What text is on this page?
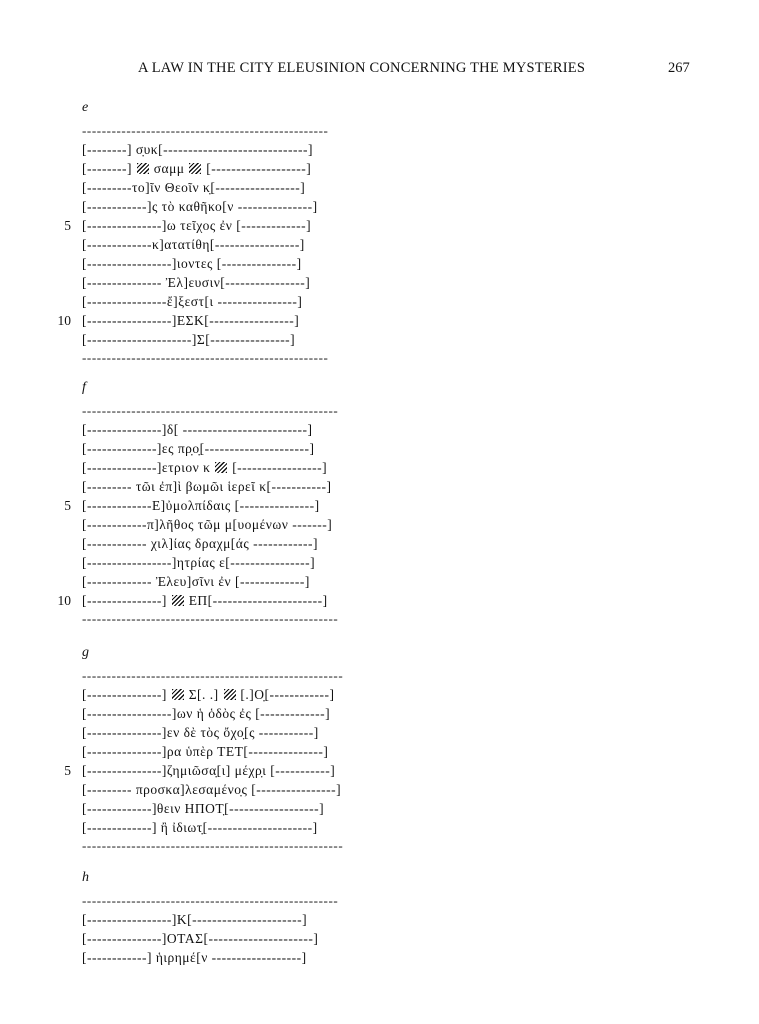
A LAW IN THE CITY ELEUSINION CONCERNING THE MYSTERIES	267
e
--------------------------------------------------
[--------] σ̣υκ[-----------------------------]
[--------]  σαμμ  [-------------------]
[---------τo]ῖν Θεοῖν κ̣[-----------------]
[------------]ς τὸ καθῆκο[ν ---------------]
5 [---------------]ω τεῖχος ἐν [-------------]
[-------------κ]ατατίθη[-----------------]
[-----------------]ιοντες [---------------]
[--------------- Ἐλ]ευσιν[----------------]
[----------------ἔ]ξεστ[ι ----------------]
10 [-----------------]ΕΣΚ[-----------------]
[---------------------]Σ[----------------]
--------------------------------------------------
f
----------------------------------------------------
[---------------]δ[ -------------------------]
[--------------]ες πρ̣ο̣[---------------------]
[--------------]ετριον κ  [-----------------]
[--------- τῶι ἐπ]ὶ βωμῶι ἱερεῖ κ[-----------]
5 [-------------Ε]ὐμολπίδαις [---------------]
[------------π]λῆθος τῶμ μ[υομένων -------]
[------------ χιλ]ίας δραχμ[άς ------------]
[-----------------]ητρίας ε[----------------]
[------------- Ἐλευ]σῖνι ἐν [-------------]
10 [---------------]  ΕΠ[----------------------]
----------------------------------------------------
g
-----------------------------------------------------
[---------------]  Σ[. .]  [.]Ο̣[------------]
[-----------------]ων ἡ ὁδὸς ἐς [-------------]
[---------------]εν δὲ τὸς ὄχο̣[ς -----------]
[---------------]ρα ὑπὲρ ΤΕΤ[---------------]
5 [---------------]ζημιῶσα̣[ι] μέχρ̣ι [-----------]
[--------- προσκα]λεσαμένο̣ς [----------------]
[-------------]θειν ΗΠΟΤ̣[------------------]
[-------------] ἢ ἰδιωτ̣[---------------------]
-----------------------------------------------------
h
----------------------------------------------------
[-----------------]Κ[----------------------]
[---------------]ΟΤΑΣ[---------------------]
[------------] ἡιρημέ[ν ------------------]
